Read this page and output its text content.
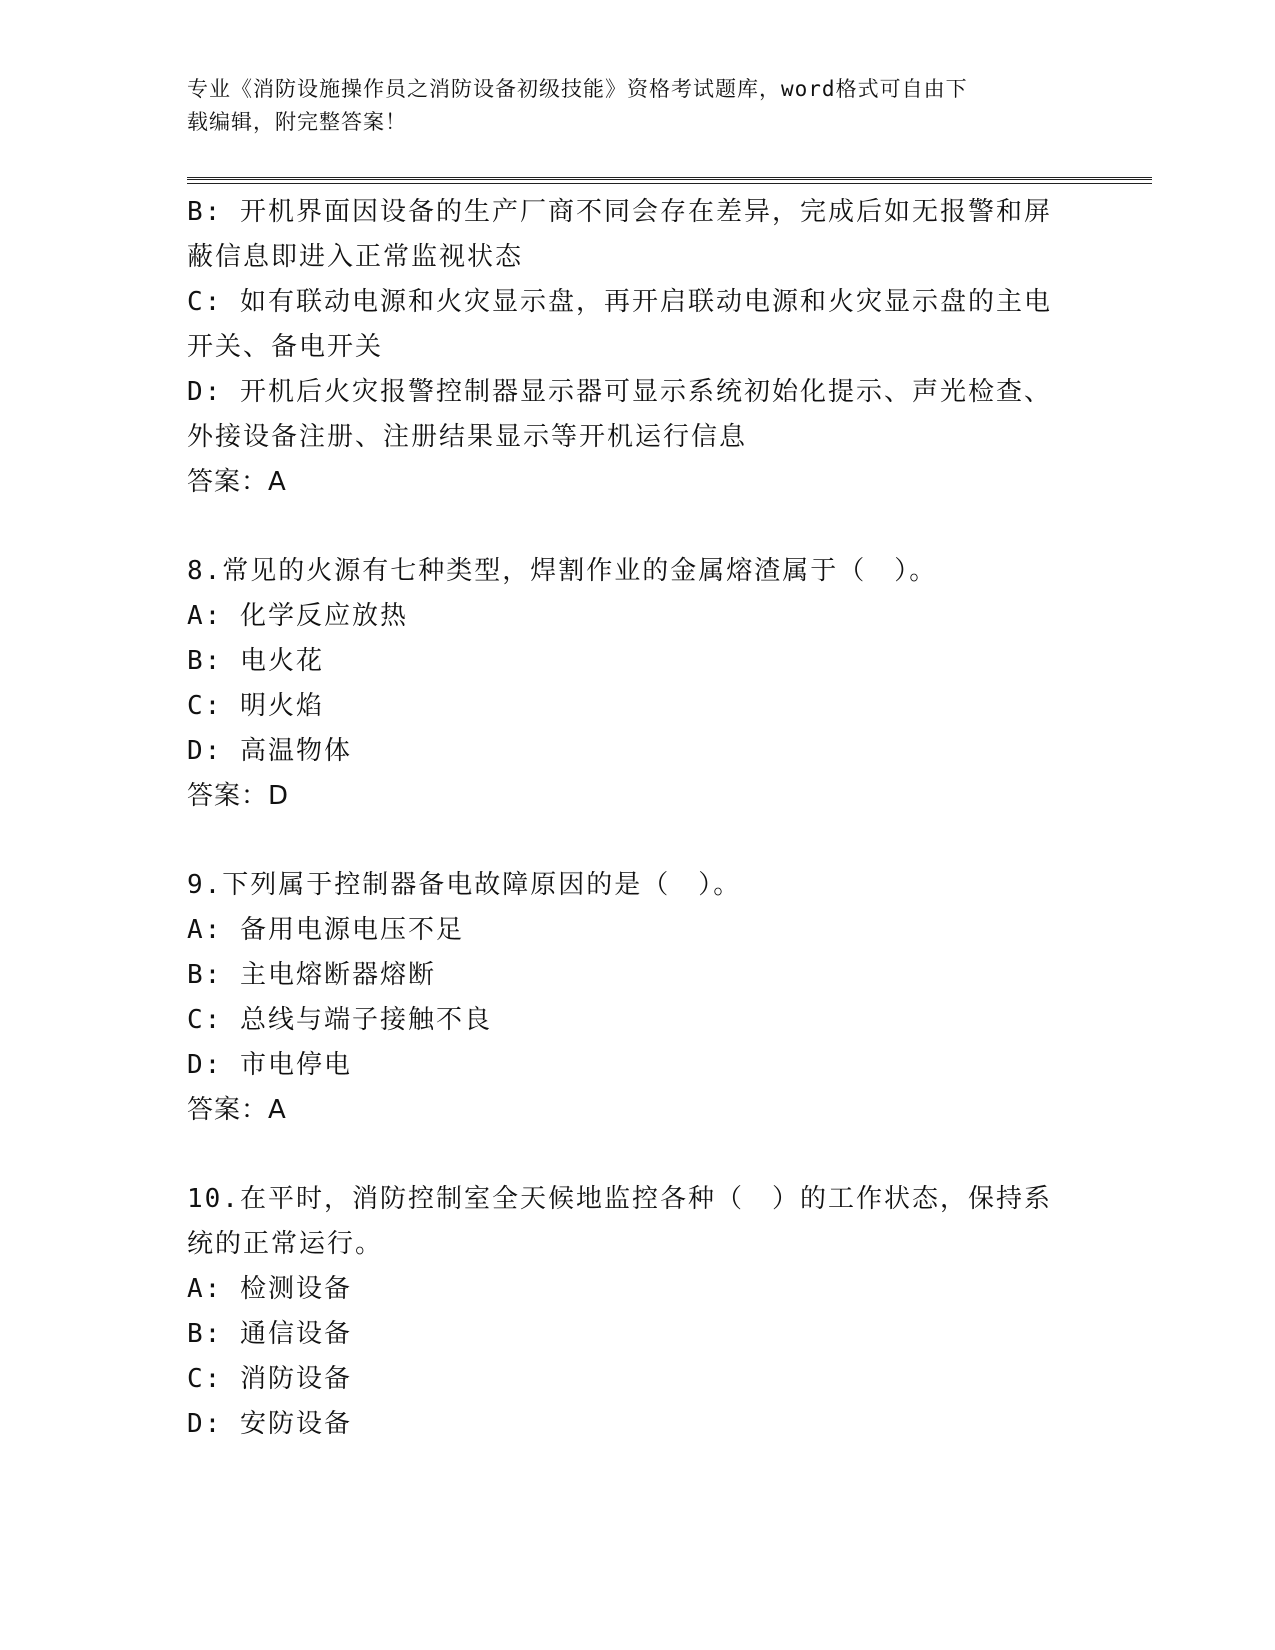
专业《消防设施操作员之消防设备初级技能》资格考试题库，word格式可自由下
载编辑，附完整答案！
B: 开机界面因设备的生产厂商不同会存在差异，完成后如无报警和屏
蔽信息即进入正常监视状态
C: 如有联动电源和火灾显示盘，再开启联动电源和火灾显示盘的主电
开关、备电开关
D: 开机后火灾报警控制器显示器可显示系统初始化提示、声光检查、
外接设备注册、注册结果显示等开机运行信息
答案：A
8.常见的火源有七种类型，焊割作业的金属熔渣属于（　）。
A: 化学反应放热
B: 电火花
C: 明火焰
D: 高温物体
答案：D
9.下列属于控制器备电故障原因的是（　）。
A: 备用电源电压不足
B: 主电熔断器熔断
C: 总线与端子接触不良
D: 市电停电
答案：A
10.在平时，消防控制室全天候地监控各种（　）的工作状态，保持系
统的正常运行。
A: 检测设备
B: 通信设备
C: 消防设备
D: 安防设备
